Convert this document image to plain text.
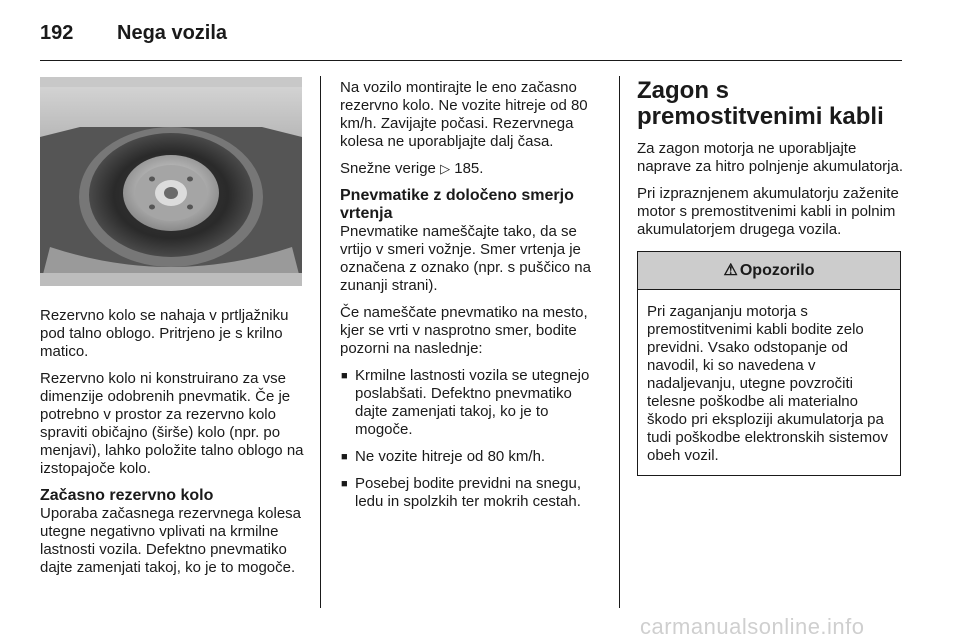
192 Nega vozila

Rezervno kolo se nahaja v prtljažniku pod talno oblogo. Pritrjeno je s krilno matico.

Rezervno kolo ni konstruirano za vse dimenzije odobrenih pnevmatik. Če je potrebno v prostor za rezervno kolo spraviti običajno (širše) kolo (npr. po menjavi), lahko položite talno oblogo na izstopajoče kolo.

Začasno rezervno kolo

Uporaba začasnega rezervnega kolesa utegne negativno vplivati na krmilne lastnosti vozila. Defektno pnevmatiko dajte zamenjati takoj, ko je to mogoče.

Na vozilo montirajte le eno začasno rezervno kolo. Ne vozite hitreje od 80 km/h. Zavijajte počasi. Rezervnega kolesa ne uporabljajte dalj časa.

Snežne verige ▷ 185.

Pnevmatike z določeno smerjo vrtenja

Pnevmatike nameščajte tako, da se vrtijo v smeri vožnje. Smer vrtenja je označena z oznako (npr. s puščico na zunanji strani).

Če nameščate pnevmatiko na mesto, kjer se vrti v nasprotno smer, bodite pozorni na naslednje:

■ Krmilne lastnosti vozila se utegnejo poslabšati. Defektno pnevmatiko dajte zamenjati takoj, ko je to mogoče.
■ Ne vozite hitreje od 80 km/h.
■ Posebej bodite previdni na snegu, ledu in spolzkih ter mokrih cestah.
Zagon s premostitvenimi kabli

Za zagon motorja ne uporabljajte naprave za hitro polnjenje akumulatorja.

Pri izpraznjenem akumulatorju zaženite motor s premostitvenimi kabli in polnim akumulatorjem drugega vozila.

⚠ Opozorilo
Pri zaganjanju motorja s premostitvenimi kabli bodite zelo previdni. Vsako odstopanje od navodil, ki so navedena v nadaljevanju, utegne povzročiti telesne poškodbe ali materialno škodo pri eksploziji akumulatorja pa tudi poškodbe elektronskih sistemov obeh vozil.
carmanualsonline.info
